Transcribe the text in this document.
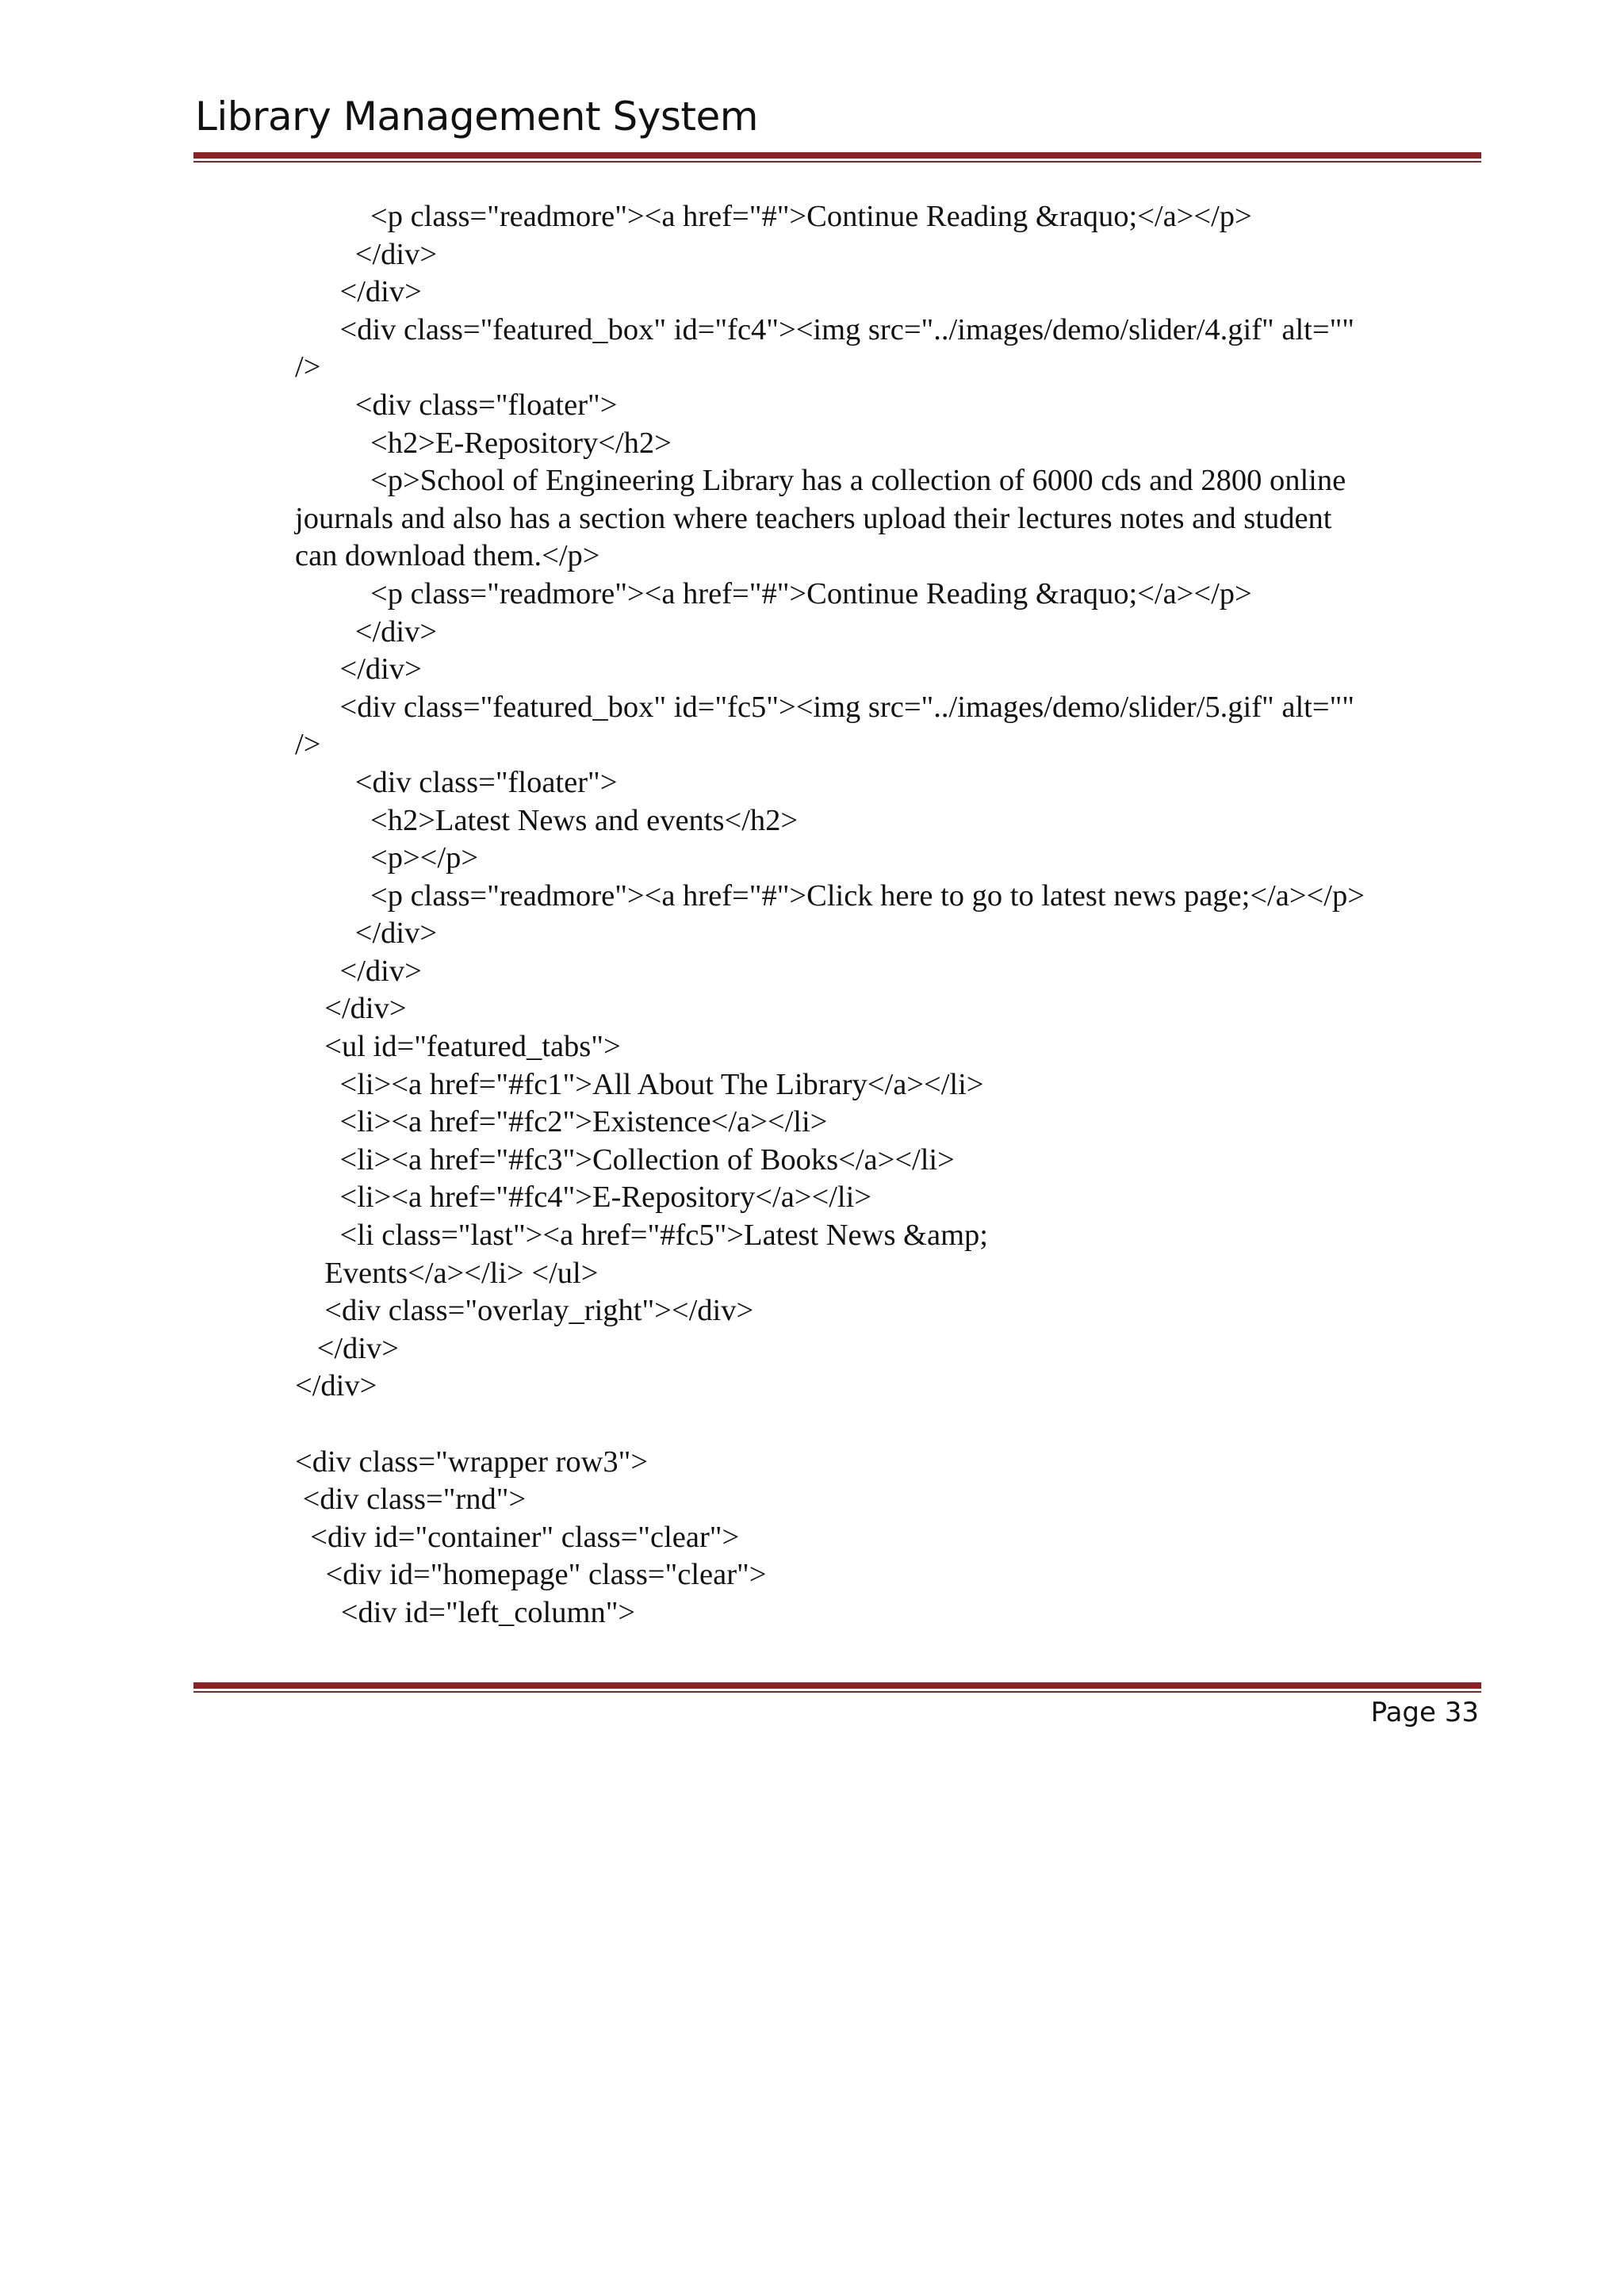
Library Management System
<p class="readmore"><a href="#">Continue Reading &raquo;</a></p>
</div>
</div>
<div class="featured_box" id="fc4"><img src="../images/demo/slider/4.gif" alt=""
/>
<div class="floater">
<h2>E-Repository</h2>
<p>School of Engineering Library has a collection of 6000 cds and 2800 online
journals and also has a section where teachers upload their lectures notes and student
can download them.</p>
<p class="readmore"><a href="#">Continue Reading &raquo;</a></p>
</div>
</div>
<div class="featured_box" id="fc5"><img src="../images/demo/slider/5.gif" alt=""
/>
<div class="floater">
<h2>Latest News and events</h2>
<p></p>
<p class="readmore"><a href="#">Click here to go to latest news page;</a></p>
</div>
</div>
</div>
<ul id="featured_tabs">
<li><a href="#fc1">All About The Library</a></li>
<li><a href="#fc2">Existence</a></li>
<li><a href="#fc3">Collection of Books</a></li>
<li><a href="#fc4">E-Repository</a></li>
<li class="last"><a href="#fc5">Latest News &amp;
Events</a></li> </ul>
<div class="overlay_right"></div>
</div>
</div>
<div class="wrapper row3">
<div class="rnd">
<div id="container" class="clear">
<div id="homepage" class="clear">
<div id="left_column">
Page 33
